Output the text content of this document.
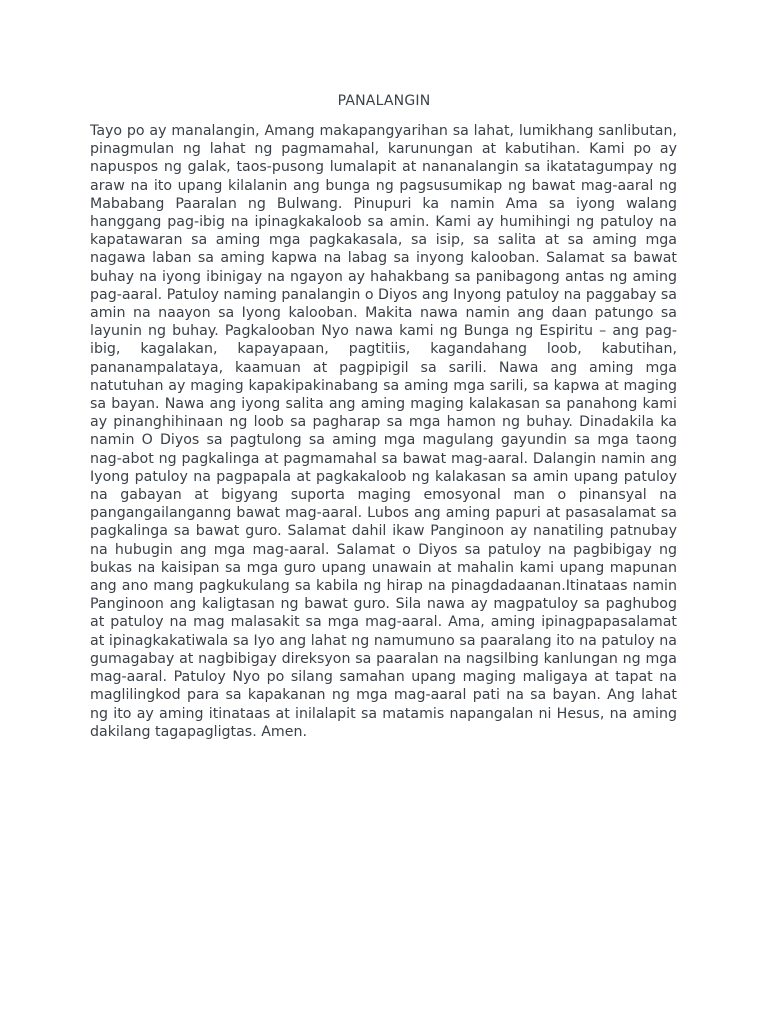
PANALANGIN
Tayo po ay manalangin, Amang makapangyarihan sa lahat, lumikhang sanlibutan, pinagmulan ng lahat ng pagmamahal, karunungan at kabutihan. Kami po ay napuspos ng galak, taos-pusong lumalapit at nananalangin sa ikatatagumpay ng araw na ito upang kilalanin ang bunga ng pagsusumikap ng bawat mag-aaral ng Mababang Paaralan ng Bulwang. Pinupuri ka namin Ama sa iyong walang hanggang pag-ibig na ipinagkakaloob sa amin. Kami ay humihingi ng patuloy na kapatawaran sa aming mga pagkakasala, sa isip, sa salita at sa aming mga nagawa laban sa aming kapwa na labag sa inyong kalooban. Salamat sa bawat buhay na iyong ibinigay na ngayon ay hahakbang sa panibagong antas ng aming pag-aaral. Patuloy naming panalangin o Diyos ang Inyong patuloy na paggabay sa amin na naayon sa Iyong kalooban. Makita nawa namin ang daan patungo sa layunin ng buhay. Pagkalooban Nyo nawa kami ng Bunga ng Espiritu – ang pag-ibig, kagalakan, kapayapaan, pagtitiis, kagandahang loob, kabutihan, pananampalataya, kaamuan at pagpipigil sa sarili. Nawa ang aming mga natutuhan ay maging kapakipakinabang sa aming mga sarili, sa kapwa at maging sa bayan. Nawa ang iyong salita ang aming maging kalakasan sa panahong kami ay pinanghihinaan ng loob sa pagharap sa mga hamon ng buhay. Dinadakila ka namin O Diyos sa pagtulong sa aming mga magulang gayundin sa mga taong nag-abot ng pagkalinga at pagmamahal sa bawat mag-aaral. Dalangin namin ang Iyong patuloy na pagpapala at pagkakaloob ng kalakasan sa amin upang patuloy na gabayan at bigyang suporta maging emosyonal man o pinansyal na pangangailanganng bawat mag-aaral. Lubos ang aming papuri at pasasalamat sa pagkalinga sa bawat guro. Salamat dahil ikaw Panginoon ay nanatiling patnubay na hubugin ang mga mag-aaral. Salamat o Diyos sa patuloy na pagbibigay ng bukas na kaisipan sa mga guro upang unawain at mahalin kami upang mapunan ang ano mang pagkukulang sa kabila ng hirap na pinagdadaanan.Itinataas namin Panginoon ang kaligtasan ng bawat guro. Sila nawa ay magpatuloy sa paghubog at patuloy na mag malasakit sa mga mag-aaral. Ama, aming ipinagpapasalamat at ipinagkakatiwala sa Iyo ang lahat ng namumuno sa paaralang ito na patuloy na gumagabay at nagbibigay direksyon sa paaralan na nagsilbing kanlungan ng mga mag-aaral. Patuloy Nyo po silang samahan upang maging maligaya at tapat na maglilingkod para sa kapakanan ng mga mag-aaral pati na sa bayan. Ang lahat ng ito ay aming itinataas at inilalapit sa matamis napangalan ni Hesus, na aming dakilang tagapagligtas. Amen.
